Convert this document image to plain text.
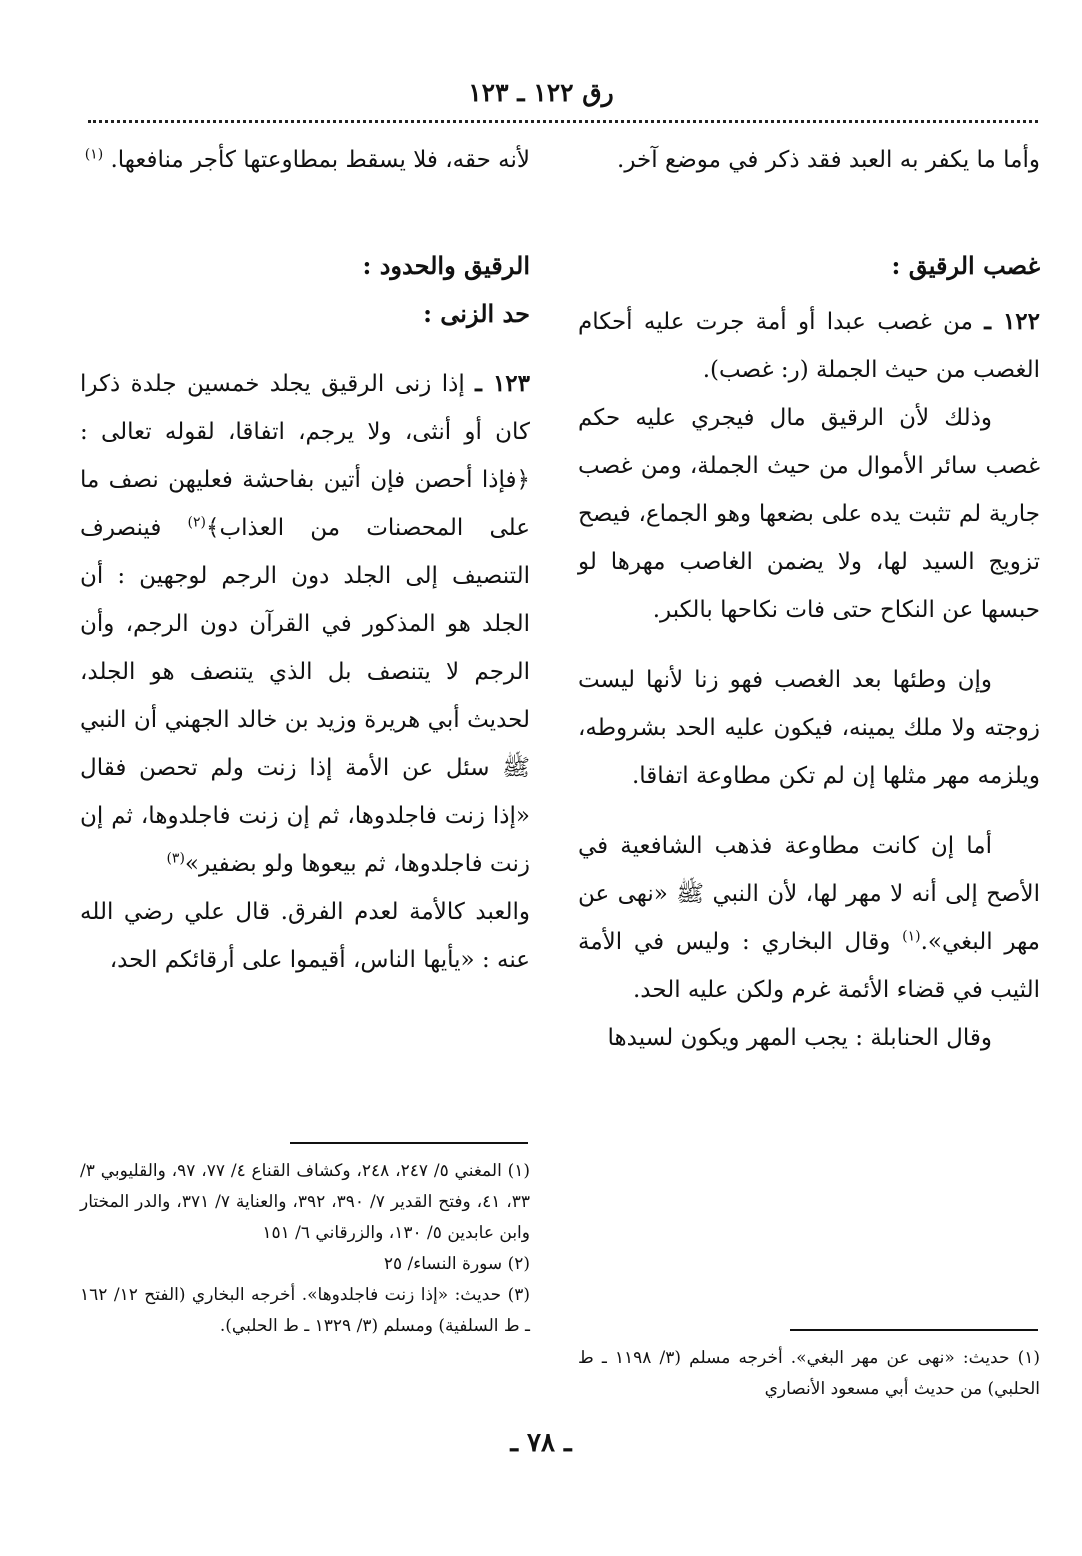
رق ١٢٢ ـ ١٢٣

وأما ما يكفر به العبد فقد ذكر في موضع آخر.

غصب الرقيق :

١٢٢ ـ من غصب عبدا أو أمة جرت عليه أحكام الغصب من حيث الجملة (ر: غصب).

وذلك لأن الرقيق مال فيجري عليه حكم غصب سائر الأموال من حيث الجملة، ومن غصب جارية لم تثبت يده على بضعها وهو الجماع، فيصح تزويج السيد لها، ولا يضمن الغاصب مهرها لو حبسها عن النكاح حتى فات نكاحها بالكبر.

وإن وطئها بعد الغصب فهو زنا لأنها ليست زوجته ولا ملك يمينه، فيكون عليه الحد بشروطه، ويلزمه مهر مثلها إن لم تكن مطاوعة اتفاقا.

أما إن كانت مطاوعة فذهب الشافعية في الأصح إلى أنه لا مهر لها، لأن النبي ﷺ «نهى عن مهر البغي».$^{(١)}$ وقال البخاري : وليس في الأمة الثيب في قضاء الأئمة غرم ولكن عليه الحد.

وقال الحنابلة : يجب المهر ويكون لسيدها

لأنه حقه، فلا يسقط بمطاوعتها كأجر منافعها. $^{(١)}$

الرقيق والحدود :

حد الزنى :

١٢٣ ـ إذا زنى الرقيق يجلد خمسين جلدة ذكرا كان أو أنثى، ولا يرجم، اتفاقا، لقوله تعالى : ﴿فإذا أحصن فإن أتين بفاحشة فعليهن نصف ما على المحصنات من العذاب﴾$^{(٢)}$ فينصرف التنصيف إلى الجلد دون الرجم لوجهين : أن الجلد هو المذكور في القرآن دون الرجم، وأن الرجم لا يتنصف بل الذي يتنصف هو الجلد، لحديث أبي هريرة وزيد بن خالد الجهني أن النبي ﷺ سئل عن الأمة إذا زنت ولم تحصن فقال «إذا زنت فاجلدوها، ثم إن زنت فاجلدوها، ثم إن زنت فاجلدوها، ثم بيعوها ولو بضفير»$^{(٣)}$

والعبد كالأمة لعدم الفرق. قال علي رضي الله عنه : «يأيها الناس، أقيموا على أرقائكم الحد،

(١) حديث: «نهى عن مهر البغي». أخرجه مسلم (٣/ ١١٩٨ ـ ط الحلبي) من حديث أبي مسعود الأنصاري

(١) المغني ٥/ ٢٤٧، ٢٤٨، وكشاف القناع ٤/ ٧٧، ٩٧، والقليوبي ٣/ ٣٣، ٤١، وفتح القدير ٧/ ٣٩٠، ٣٩٢، والعناية ٧/ ٣٧١، والدر المختار وابن عابدين ٥/ ١٣٠، والزرقاني ٦/ ١٥١

(٢) سورة النساء/ ٢٥

(٣) حديث: «إذا زنت فاجلدوها». أخرجه البخاري (الفتح ١٢/ ١٦٢ ـ ط السلفية) ومسلم (٣/ ١٣٢٩ ـ ط الحلبي).

ـ ٧٨ ـ
